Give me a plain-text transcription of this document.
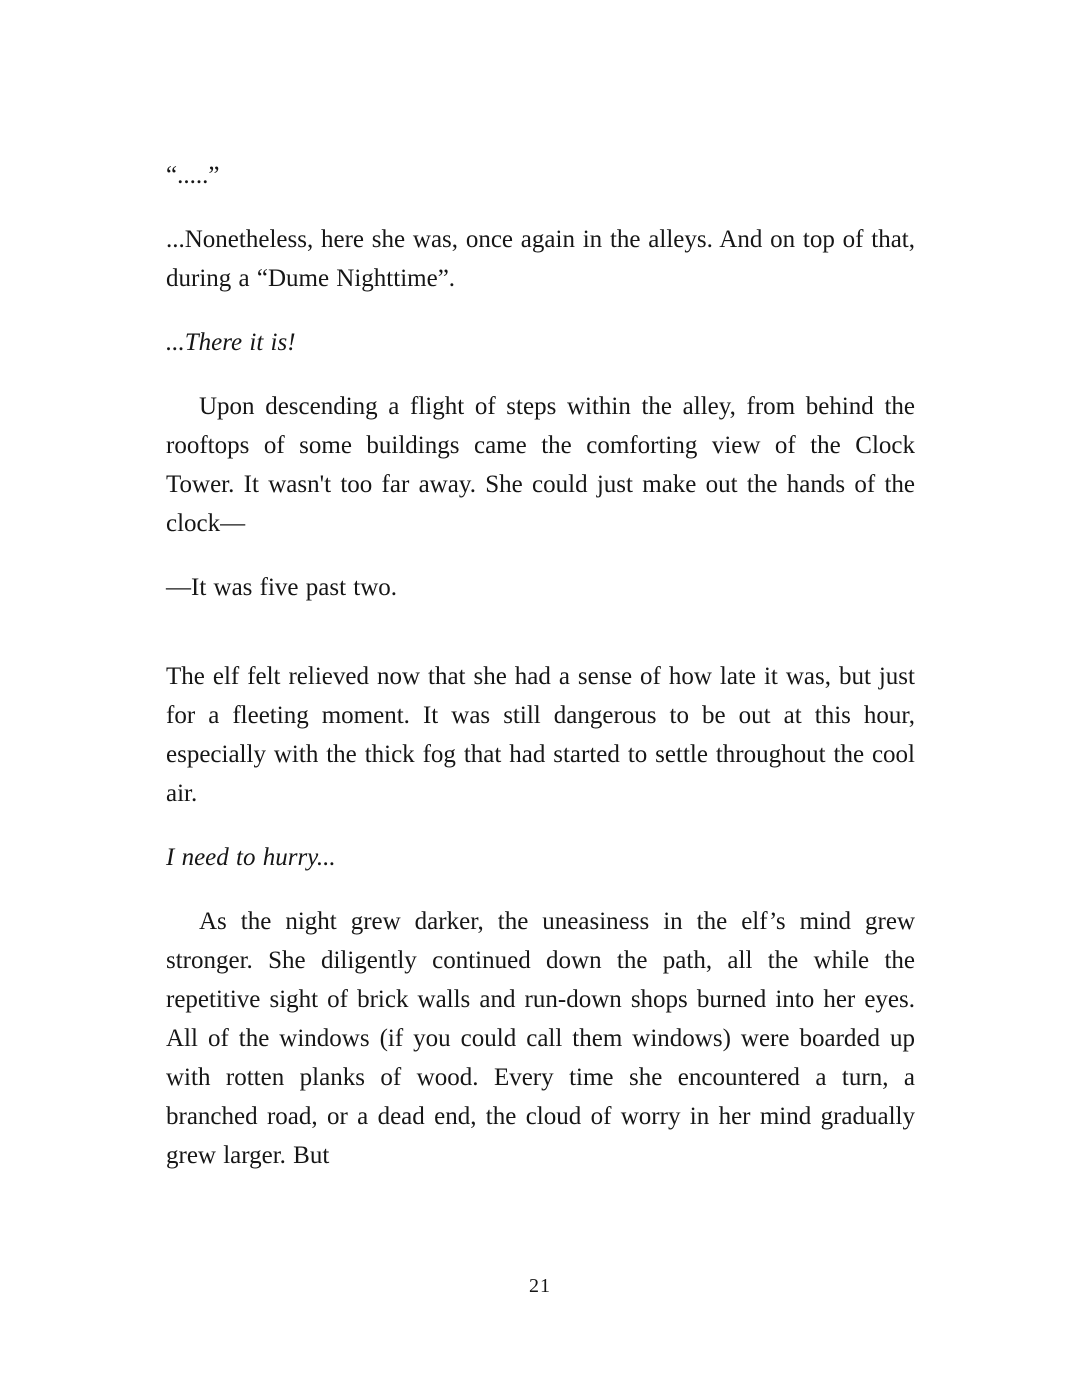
“.....”

...Nonetheless, here she was, once again in the alleys. And on top of that, during a “Dume Nighttime”.

...There it is!

Upon descending a flight of steps within the alley, from behind the rooftops of some buildings came the comforting view of the Clock Tower. It wasn't too far away. She could just make out the hands of the clock—

—It was five past two.

The elf felt relieved now that she had a sense of how late it was, but just for a fleeting moment. It was still dangerous to be out at this hour, especially with the thick fog that had started to settle throughout the cool air.

I need to hurry...

As the night grew darker, the uneasiness in the elf’s mind grew stronger. She diligently continued down the path, all the while the repetitive sight of brick walls and run-down shops burned into her eyes. All of the windows (if you could call them windows) were boarded up with rotten planks of wood. Every time she encountered a turn, a branched road, or a dead end, the cloud of worry in her mind gradually grew larger. But

21
